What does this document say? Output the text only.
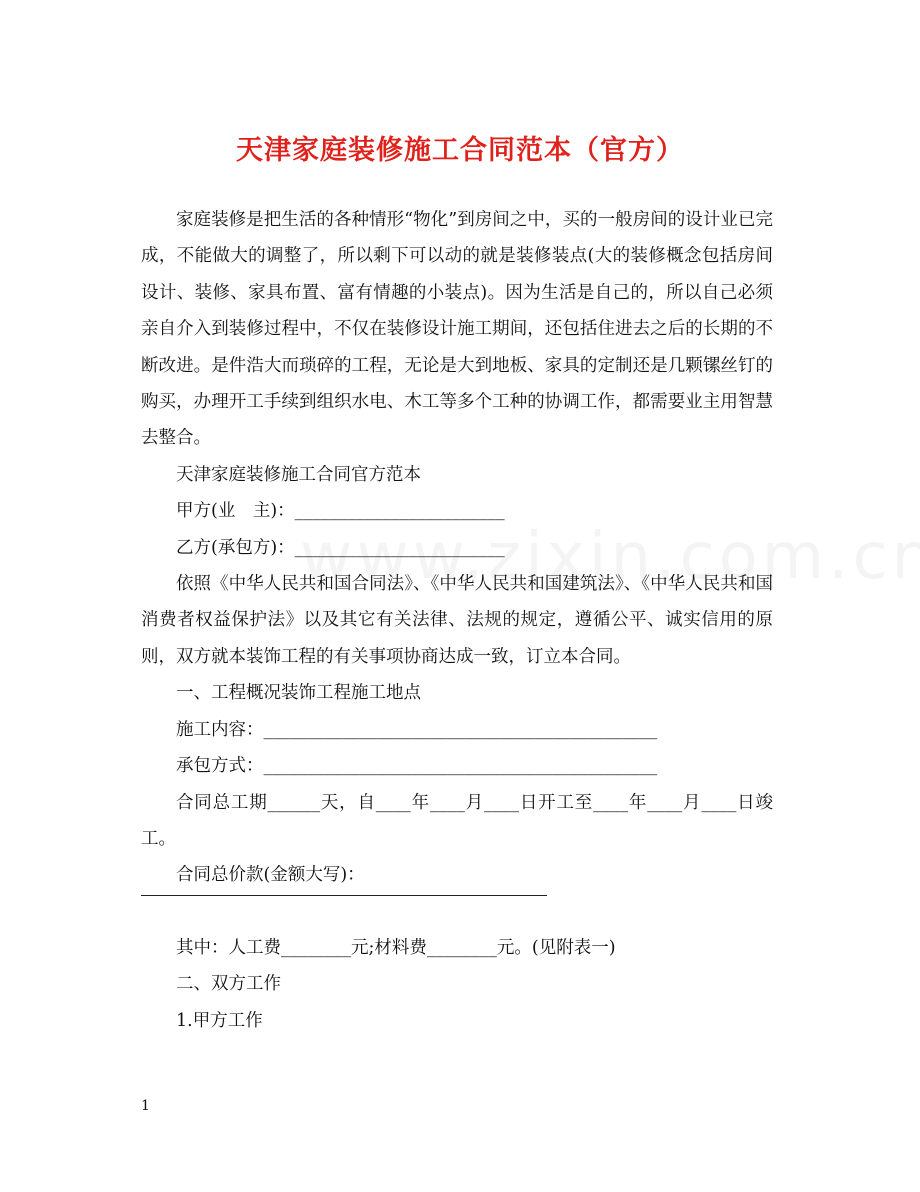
天津家庭装修施工合同范本（官方）

家庭装修是把生活的各种情形“物化”到房间之中，买的一般房间的设计业已完成，不能做大的调整了，所以剩下可以动的就是装修装点(大的装修概念包括房间设计、装修、家具布置、富有情趣的小装点)。因为生活是自己的，所以自己必须亲自介入到装修过程中，不仅在装修设计施工期间，还包括住进去之后的长期的不断改进。是件浩大而琐碎的工程，无论是大到地板、家具的定制还是几颗镙丝钉的购买，办理开工手续到组织水电、木工等多个工种的协调工作，都需要业主用智慧去整合。

天津家庭装修施工合同官方范本

甲方(业　主)：________________________

乙方(承包方)：________________________

依照《中华人民共和国合同法》、《中华人民共和国建筑法》、《中华人民共和国消费者权益保护法》以及其它有关法律、法规的规定，遵循公平、诚实信用的原则，双方就本装饰工程的有关事项协商达成一致，订立本合同。

一、工程概况装饰工程施工地点

施工内容：_____________________________________________

承包方式：_____________________________________________

合同总工期______天，自____年____月____日开工至____年____月____日竣工。

合同总价款(金额大写)：

其中：人工费________元;材料费________元。(见附表一)

二、双方工作

1.甲方工作

1
